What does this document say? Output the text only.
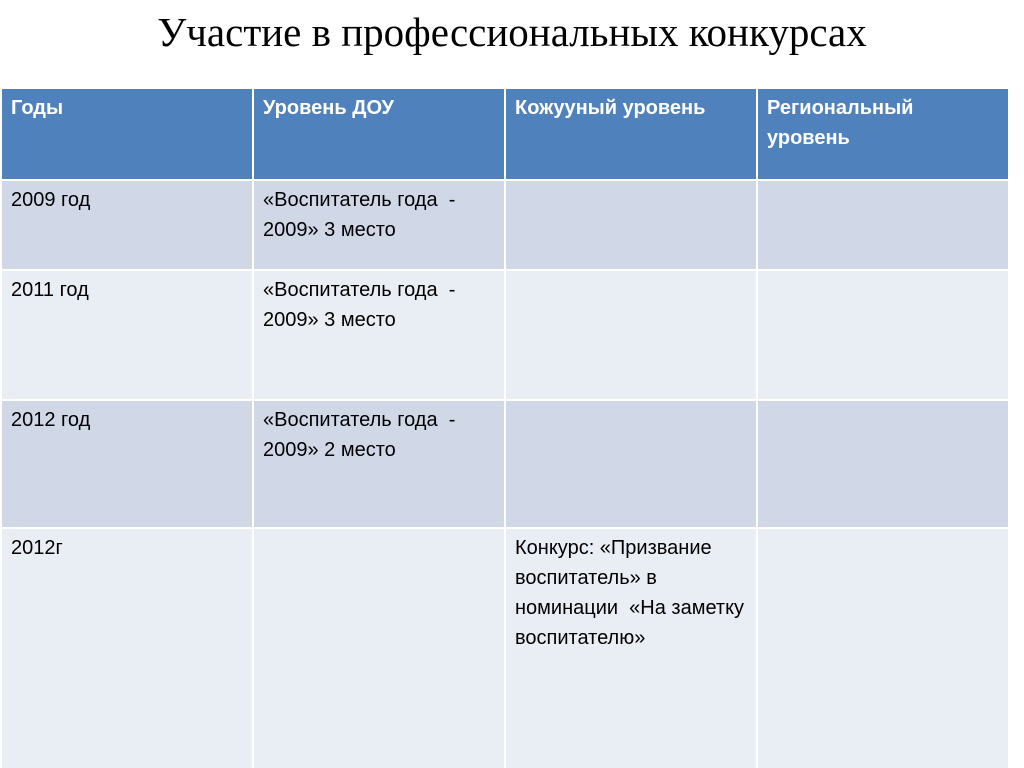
Участие в профессиональных конкурсах
Годы	Уровень ДОУ	Кожууный уровень	Региональный уровень
2009 год	«Воспитатель года  - 2009» 3 место		
2011 год	«Воспитатель года  - 2009» 3 место		
2012 год	«Воспитатель года  - 2009» 2 место		
2012г		Конкурс: «Призвание воспитатель» в номинации  «На заметку воспитателю»	
